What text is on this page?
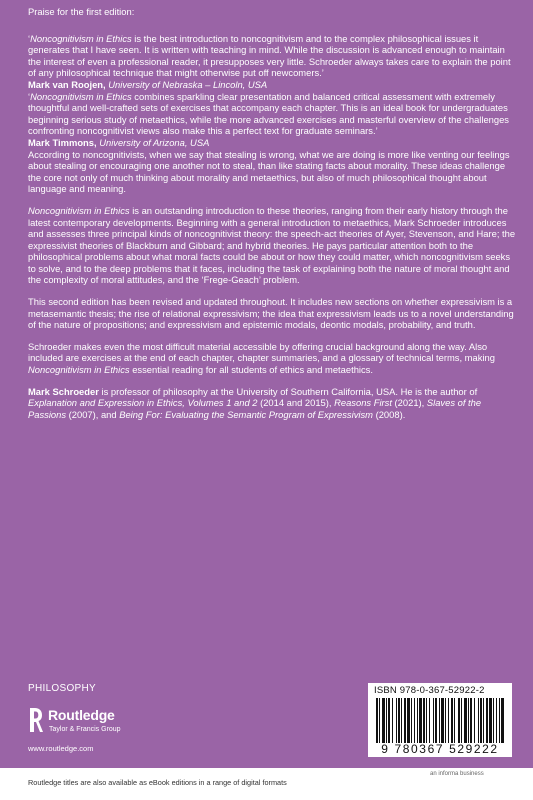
Praise for the first edition:

‘Noncognitivism in Ethics is the best introduction to noncognitivism and to the complex philosophical issues it generates that I have seen. It is written with teaching in mind. While the discussion is advanced enough to maintain the interest of even a professional reader, it presupposes very little. Schroeder always takes care to explain the point of any philosophical technique that might otherwise put off newcomers.’
Mark van Roojen, University of Nebraska – Lincoln, USA

‘Noncognitivism in Ethics combines sparkling clear presentation and balanced critical assessment with extremely thoughtful and well-crafted sets of exercises that accompany each chapter. This is an ideal book for undergraduates beginning serious study of metaethics, while the more advanced exercises and masterful overview of the challenges confronting noncognitivist views also make this a perfect text for graduate seminars.’
Mark Timmons, University of Arizona, USA

According to noncognitivists, when we say that stealing is wrong, what we are doing is more like venting our feelings about stealing or encouraging one another not to steal, than like stating facts about morality. These ideas challenge the core not only of much thinking about morality and metaethics, but also of much philosophical thought about language and meaning.

Noncognitivism in Ethics is an outstanding introduction to these theories, ranging from their early history through the latest contemporary developments. Beginning with a general introduction to metaethics, Mark Schroeder introduces and assesses three principal kinds of noncognitivist theory: the speech-act theories of Ayer, Stevenson, and Hare; the expressivist theories of Blackburn and Gibbard; and hybrid theories. He pays particular attention both to the philosophical problems about what moral facts could be about or how they could matter, which noncognitivism seeks to solve, and to the deep problems that it faces, including the task of explaining both the nature of moral thought and the complexity of moral attitudes, and the ‘Frege-Geach’ problem.

This second edition has been revised and updated throughout. It includes new sections on whether expressivism is a metasemantic thesis; the rise of relational expressivism; the idea that expressivism leads us to a novel understanding of the nature of propositions; and expressivism and epistemic modals, deontic modals, probability, and truth.

Schroeder makes even the most difficult material accessible by offering crucial background along the way. Also included are exercises at the end of each chapter, chapter summaries, and a glossary of technical terms, making Noncognitivism in Ethics essential reading for all students of ethics and metaethics.

Mark Schroeder is professor of philosophy at the University of Southern California, USA. He is the author of Explanation and Expression in Ethics, Volumes 1 and 2 (2014 and 2015), Reasons First (2021), Slaves of the Passions (2007), and Being For: Evaluating the Semantic Program of Expressivism (2008).

PHILOSOPHY
Routledge
Taylor & Francis Group
www.routledge.com
ISBN 978-0-367-52922-2
9 780367 529222
Routledge titles are also available as eBook editions in a range of digital formats
an informa business
